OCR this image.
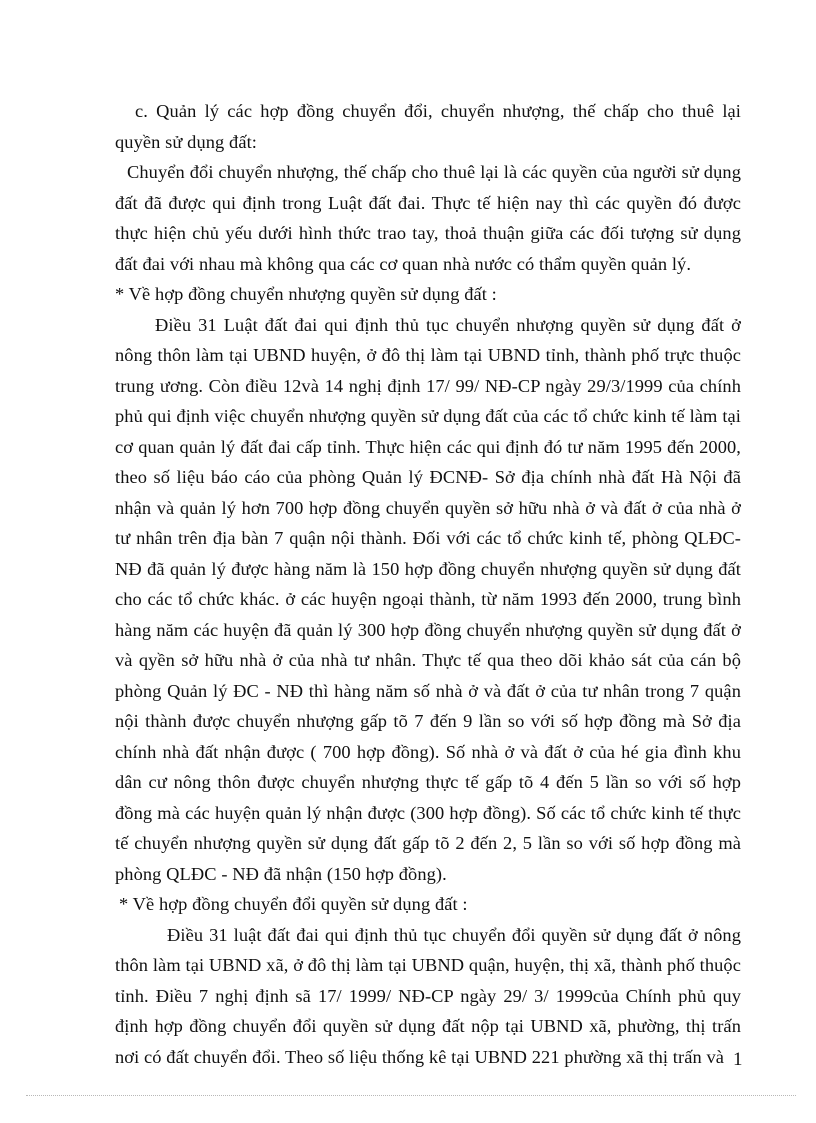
c. Quản lý các hợp đồng chuyển đổi, chuyển nhượng, thế chấp cho thuê lại quyền sử dụng đất:

Chuyển đổi chuyển nhượng, thế chấp cho thuê lại là các quyền của người sử dụng đất đã được qui định trong Luật đất đai. Thực tế hiện nay thì các quyền đó được thực hiện chủ yếu dưới hình thức trao tay, thoả thuận giữa các đối tượng sử dụng đất đai với nhau mà không qua các cơ quan nhà nước có thẩm quyền quản lý.

* Về hợp đồng chuyển nhượng quyền sử dụng đất :

Điều 31 Luật đất đai qui định thủ tục chuyển nhượng quyền sử dụng đất ở nông thôn làm tại UBND huyện, ở đô thị làm tại UBND tỉnh, thành phố trực thuộc trung ương. Còn điều 12và 14 nghị định 17/ 99/ NĐ-CP ngày 29/3/1999 của chính phủ qui định việc chuyển nhượng quyền sử dụng đất của các tổ chức kinh tế làm tại cơ quan quản lý đất đai cấp tỉnh. Thực hiện các qui định đó tư năm 1995 đến 2000, theo số liệu báo cáo của phòng Quản lý ĐCNĐ- Sở địa chính nhà đất Hà Nội đã nhận và quản lý hơn 700 hợp đồng chuyển quyền sở hữu nhà ở và đất ở của nhà ở tư nhân trên địa bàn 7 quận nội thành. Đối với các tổ chức kinh tế, phòng QLĐC-NĐ đã quản lý được hàng năm là 150 hợp đồng chuyển nhượng quyền sử dụng đất cho các tổ chức khác. ở các huyện ngoại thành, từ năm 1993 đến 2000, trung bình hàng năm các huyện đã quản lý 300 hợp đồng chuyển nhượng quyền sử dụng đất ở và qyền sở hữu nhà ở của nhà tư nhân. Thực tế qua theo dõi khảo sát của cán bộ phòng Quản lý ĐC - NĐ thì hàng năm số nhà ở và đất ở của tư nhân trong 7 quận nội thành được chuyển nhượng gấp tõ 7 đến 9 lần so với số hợp đồng mà Sở địa chính nhà đất nhận được ( 700 hợp đồng). Số nhà ở và đất ở của hé gia đình khu dân cư nông thôn được chuyển nhượng thực tế gấp tõ 4 đến 5 lần so với số hợp đồng mà các huyện quản lý nhận được (300 hợp đồng). Số các tổ chức kinh tế thực tế chuyển nhượng quyền sử dụng đất gấp tõ 2 đến 2, 5 lần so với số hợp đồng mà phòng QLĐC - NĐ đã nhận (150 hợp đồng).

* Về hợp đồng chuyển đổi quyền sử dụng đất :

Điều 31 luật đất đai qui định thủ tục chuyển đổi quyền sử dụng đất ở nông thôn làm tại UBND xã, ở đô thị làm tại UBND quận, huyện, thị xã, thành phố thuộc tỉnh. Điều 7 nghị định sã 17/ 1999/ NĐ-CP ngày 29/ 3/ 1999của Chính phủ quy định hợp đồng chuyển đổi quyền sử dụng đất nộp tại UBND xã, phường, thị trấn nơi có đất chuyển đổi. Theo số liệu thống kê tại UBND 221 phường xã thị trấn và 1
